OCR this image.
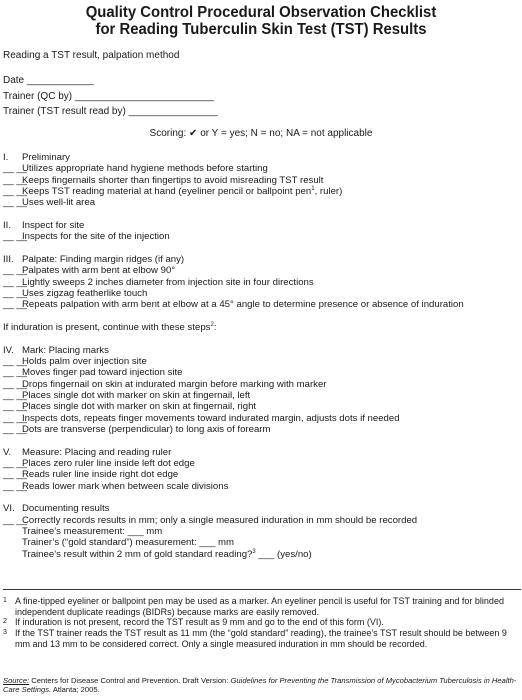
Quality Control Procedural Observation Checklist
for Reading Tuberculin Skin Test (TST) Results
Reading a TST result, palpation method
Date ____________
Trainer (QC by) _________________________
Trainer (TST result read by) ________________
Scoring: ✔ or Y = yes; N = no; NA = not applicable
I.	Preliminary
__ __
Utilizes appropriate hand hygiene methods before starting
__ __
Keeps fingernails shorter than fingertips to avoid misreading TST result
__ __
Keeps TST reading material at hand (eyeliner pencil or ballpoint pen$^1$, ruler)
__ __
Uses well-lit area
II.	Inspect for site
__ __
Inspects for the site of the injection
III. Palpate: Finding margin ridges (if any)
__ __
Palpates with arm bent at elbow 90°
__ __
Lightly sweeps 2 inches diameter from injection site in four directions
__ __
Uses zigzag featherlike touch
__ __
Repeats palpation with arm bent at elbow at a 45° angle to determine presence or absence of induration
If induration is present, continue with these steps$^2$:
IV. Mark: Placing marks
__ __
Holds palm over injection site
__ __
Moves finger pad toward injection site
__ __
Drops fingernail on skin at indurated margin before marking with marker
__ __
Places single dot with marker on skin at fingernail, left
__ __
Places single dot with marker on skin at fingernail, right
__ __
Inspects dots, repeats finger movements toward indurated margin, adjusts dots if needed
__ __
Dots are transverse (perpendicular) to long axis of forearm
V.	Measure: Placing and reading ruler
__ __
Places zero ruler line inside left dot edge
__ __
Reads ruler line inside right dot edge
__ __
Reads lower mark when between scale divisions
VI. Documenting results
__ __
Correctly records results in mm; only a single measured induration in mm should be recorded
Trainee’s measurement: ___ mm
Trainer’s (“gold standard”) measurement: ___ mm
Trainee’s result within 2 mm of gold standard reading?$^3$ ___ (yes/no)
1 A fine-tipped eyeliner or ballpoint pen may be used as a marker. An eyeliner pencil is useful for TST training and for blinded independent duplicate readings (BIDRs) because marks are easily removed.
2 If induration is not present, record the TST result as 9 mm and go to the end of this form (VI).
3 If the TST trainer reads the TST result as 11 mm (the “gold standard” reading), the trainee’s TST result should be between 9 mm and 13 mm to be considered correct. Only a single measured induration in mm should be recorded.
Source: Centers for Disease Control and Prevention. Draft Version: Guidelines for Preventing the Transmission of Mycobacterium Tuberculosis in Health-Care Settings. Atlanta; 2005.
